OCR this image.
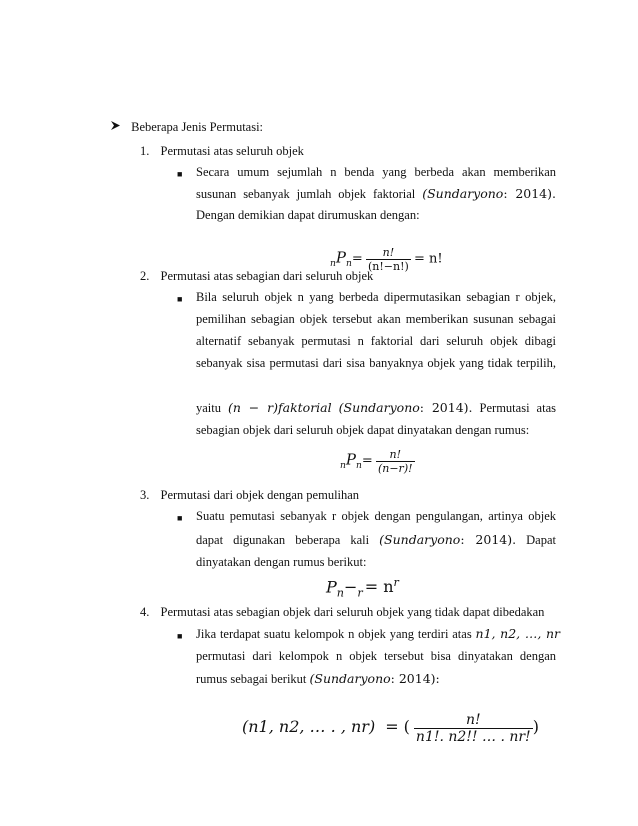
Beberapa Jenis Permutasi:
1. Permutasi atas seluruh objek
■ Secara umum sejumlah n benda yang berbeda akan memberikan
susunan sebanyak jumlah objek faktorial (Sundaryono: 2014).
Dengan demikian dapat dirumuskan dengan:
$_nP_n= \frac{n!}{(n!-n!)} = n$!
2. Permutasi atas sebagian dari seluruh objek
■ Bila seluruh objek n yang berbeda dipermutasikan sebagian r objek,
pemilihan sebagian objek tersebut akan memberikan susunan sebagai
alternatif sebanyak permutasi n faktorial dari seluruh objek dibagi
sebanyak sisa permutasi dari sisa banyaknya objek yang tidak terpilih,
yaitu (n − r)faktorial (Sundaryono: 2014). Permutasi atas
sebagian objek dari seluruh objek dapat dinyatakan dengan rumus:
$_nP_n= \frac{n!}{(n-r)!}$
3. Permutasi dari objek dengan pemulihan
■ Suatu pemutasi sebanyak r objek dengan pengulangan, artinya objek
dapat digunakan beberapa kali (Sundaryono: 2014). Dapat
dinyatakan dengan rumus berikut:
$P_n-_r = n^r$
4. Permutasi atas sebagian objek dari seluruh objek yang tidak dapat dibedakan
■ Jika terdapat suatu kelompok n objek yang terdiri atas n1, n2, …, nr
permutasi dari kelompok n objek tersebut bisa dinyatakan dengan
rumus sebagai berikut (Sundaryono: 2014):
(n1, n2, … . , nr) = ( $\frac{n!}{n1!. n2!! \dots . nr!}$ )
